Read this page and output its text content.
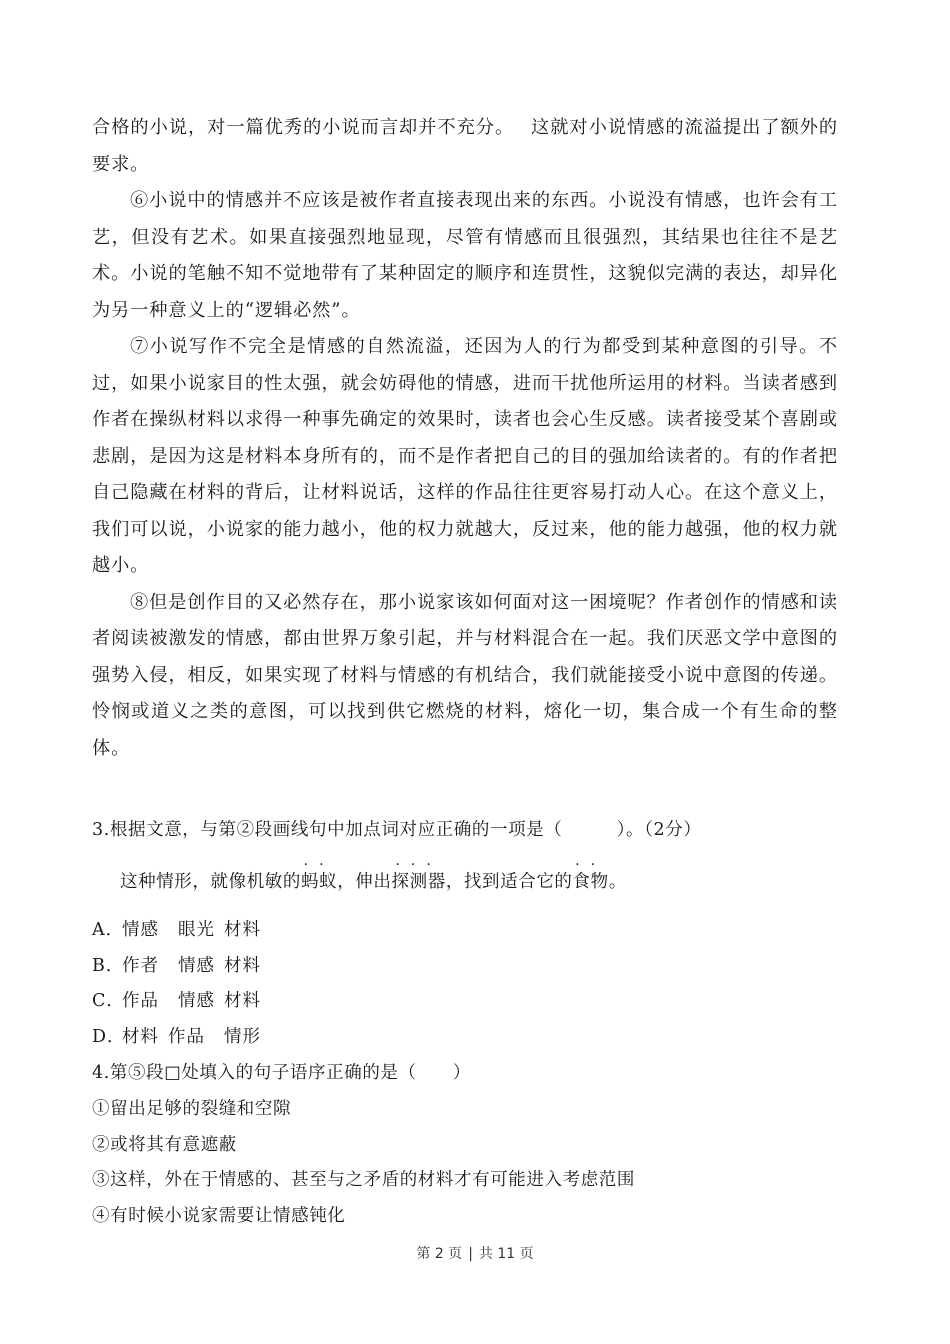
合格的小说，对一篇优秀的小说而言却并不充分。　 这就对小说情感的流溢提出了额外的
要求。
⑥小说中的情感并不应该是被作者直接表现出来的东西。小说没有情感，也许会有工
艺，但没有艺术。如果直接强烈地显现，尽管有情感而且很强烈，其结果也往往不是艺
术。小说的笔触不知不觉地带有了某种固定的顺序和连贯性，这貌似完满的表达，却异化
为另一种意义上的“逻辑必然”。
⑦小说写作不完全是情感的自然流溢，还因为人的行为都受到某种意图的引导。不
过，如果小说家目的性太强，就会妨碍他的情感，进而干扰他所运用的材料。当读者感到
作者在操纵材料以求得一种事先确定的效果时，读者也会心生反感。读者接受某个喜剧或
悲剧，是因为这是材料本身所有的，而不是作者把自己的目的强加给读者的。有的作者把
自己隐藏在材料的背后，让材料说话，这样的作品往往更容易打动人心。在这个意义上，
我们可以说，小说家的能力越小，他的权力就越大，反过来，他的能力越强，他的权力就
越小。
⑧但是创作目的又必然存在，那小说家该如何面对这一困境呢？作者创作的情感和读
者阅读被激发的情感，都由世界万象引起，并与材料混合在一起。我们厌恶文学中意图的
强势入侵，相反，如果实现了材料与情感的有机结合，我们就能接受小说中意图的传递。
怜悯或道义之类的意图，可以找到供它燃烧的材料，熔化一切，集合成一个有生命的整
体。
3.根据文意，与第②段画线句中加点词对应正确的一项是（　　　）。（2分）
这种情形，就像机敏的
··
蚂蚁，伸出
···
探测器，找到适合它的
··
食物。
A．情感 眼光 材料
B．作者 情感 材料
C．作品 情感 材料
D．材料 作品 情形
4.第⑤段□处填入的句子语序正确的是（　　）
①留出足够的裂缝和空隙
②或将其有意遮蔽
③这样，外在于情感的、甚至与之矛盾的材料才有可能进入考虑范围
④有时候小说家需要让情感钝化
第 2 页 | 共 11 页
